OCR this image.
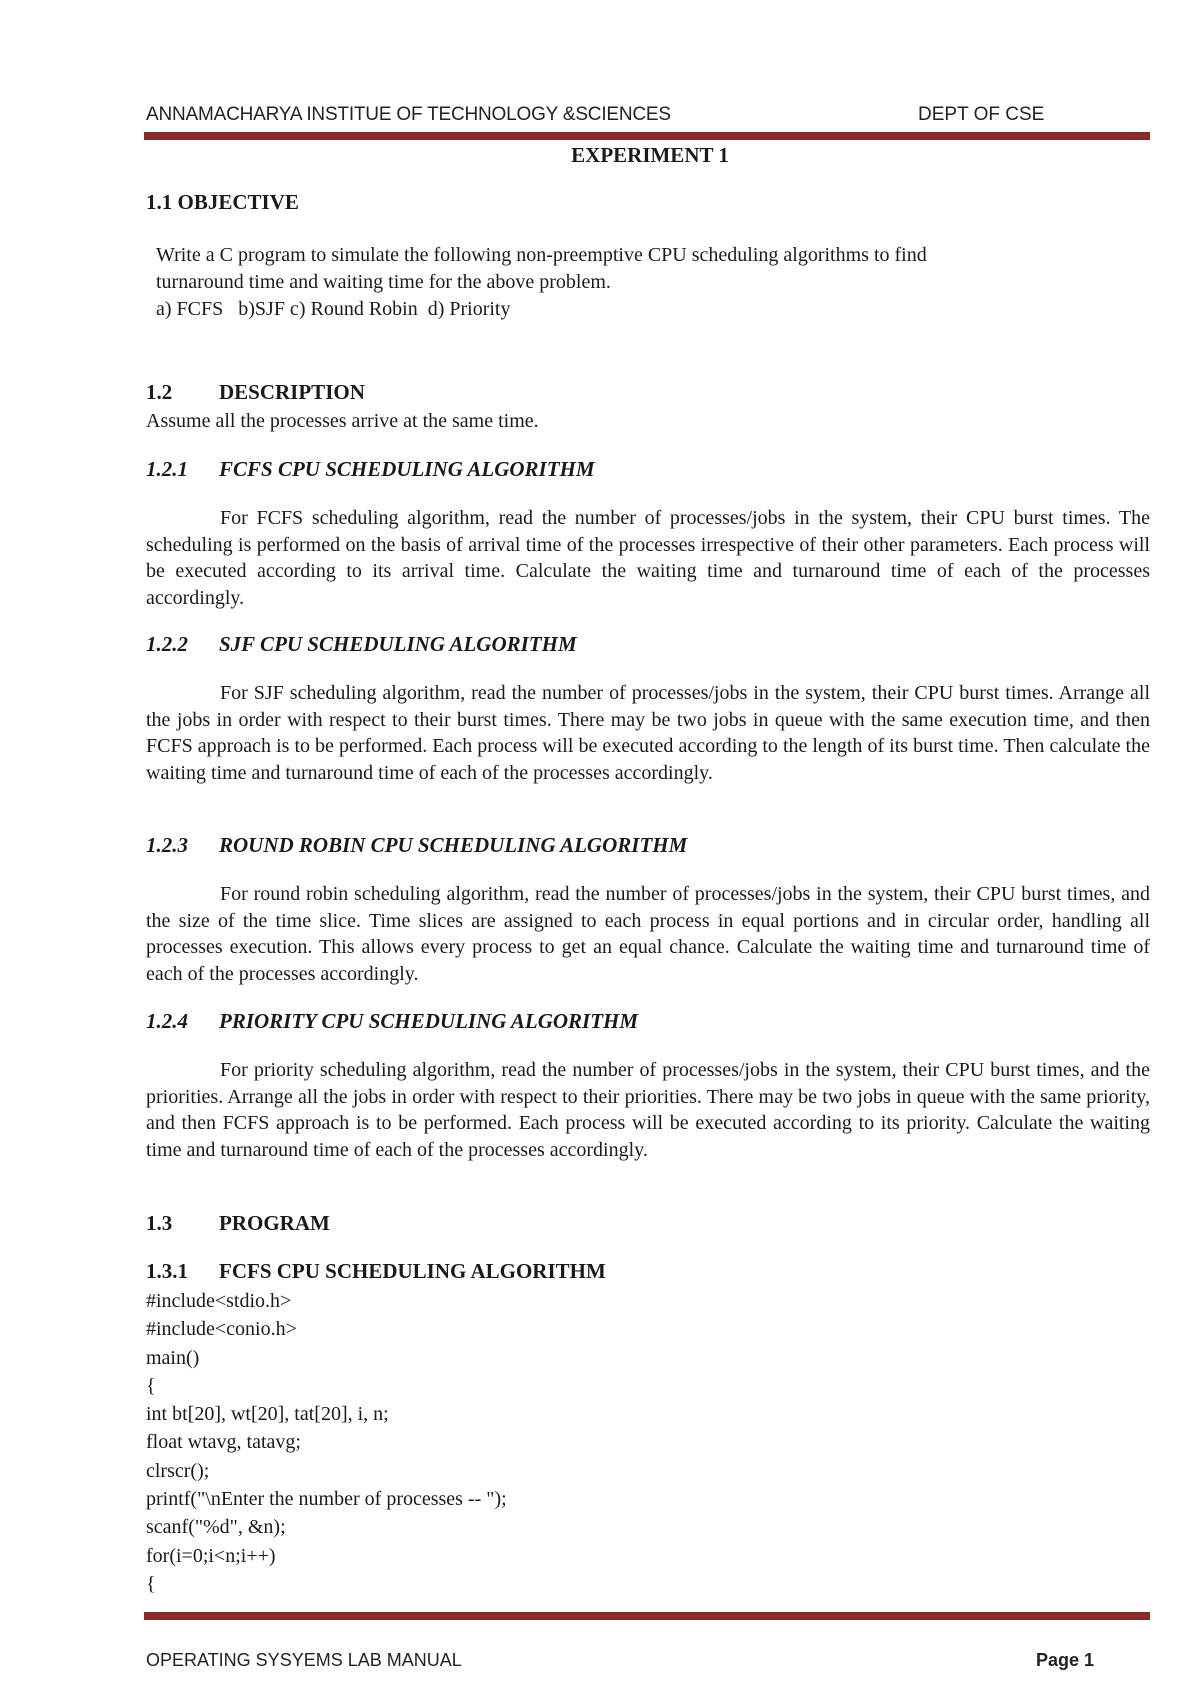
ANNAMACHARYA INSTITUE OF TECHNOLOGY &SCIENCES	DEPT OF CSE
EXPERIMENT 1
1.1 OBJECTIVE

Write a C program to simulate the following non-preemptive CPU scheduling algorithms to find

turnaround time and waiting time for the above problem.

a) FCFS   b)SJF c) Round Robin  d) Priority

1.2 DESCRIPTION
Assume all the processes arrive at the same time.
1.2.1 FCFS CPU SCHEDULING ALGORITHM

For FCFS scheduling algorithm, read the number of processes/jobs in the system, their CPU burst times. The scheduling is performed on the basis of arrival time of the processes irrespective of their other parameters. Each process will be executed according to its arrival time. Calculate the waiting time and turnaround time of each of the processes accordingly.

1.2.2 SJF CPU SCHEDULING ALGORITHM

For SJF scheduling algorithm, read the number of processes/jobs in the system, their CPU burst times. Arrange all the jobs in order with respect to their burst times. There may be two jobs in queue with the same execution time, and then FCFS approach is to be performed. Each process will be executed according to the length of its burst time. Then calculate the waiting time and turnaround time of each of the processes accordingly.

1.2.3 ROUND ROBIN CPU SCHEDULING ALGORITHM

For round robin scheduling algorithm, read the number of processes/jobs in the system, their CPU burst times, and the size of the time slice. Time slices are assigned to each process in equal portions and in circular order, handling all processes execution. This allows every process to get an equal chance. Calculate the waiting time and turnaround time of each of the processes accordingly.

1.2.4 PRIORITY CPU SCHEDULING ALGORITHM

For priority scheduling algorithm, read the number of processes/jobs in the system, their CPU burst times, and the priorities. Arrange all the jobs in order with respect to their priorities. There may be two jobs in queue with the same priority, and then FCFS approach is to be performed. Each process will be executed according to its priority. Calculate the waiting time and turnaround time of each of the processes accordingly.

1.3 PROGRAM
1.3.1 FCFS CPU SCHEDULING ALGORITHM
#include<stdio.h>
#include<conio.h>
main()
{
int bt[20], wt[20], tat[20], i, n;
float wtavg, tatavg;
clrscr();
printf("\nEnter the number of processes -- ");
scanf("%d", &n);
for(i=0;i<n;i++)
{
OPERATING SYSYEMS LAB MANUAL	Page 1
